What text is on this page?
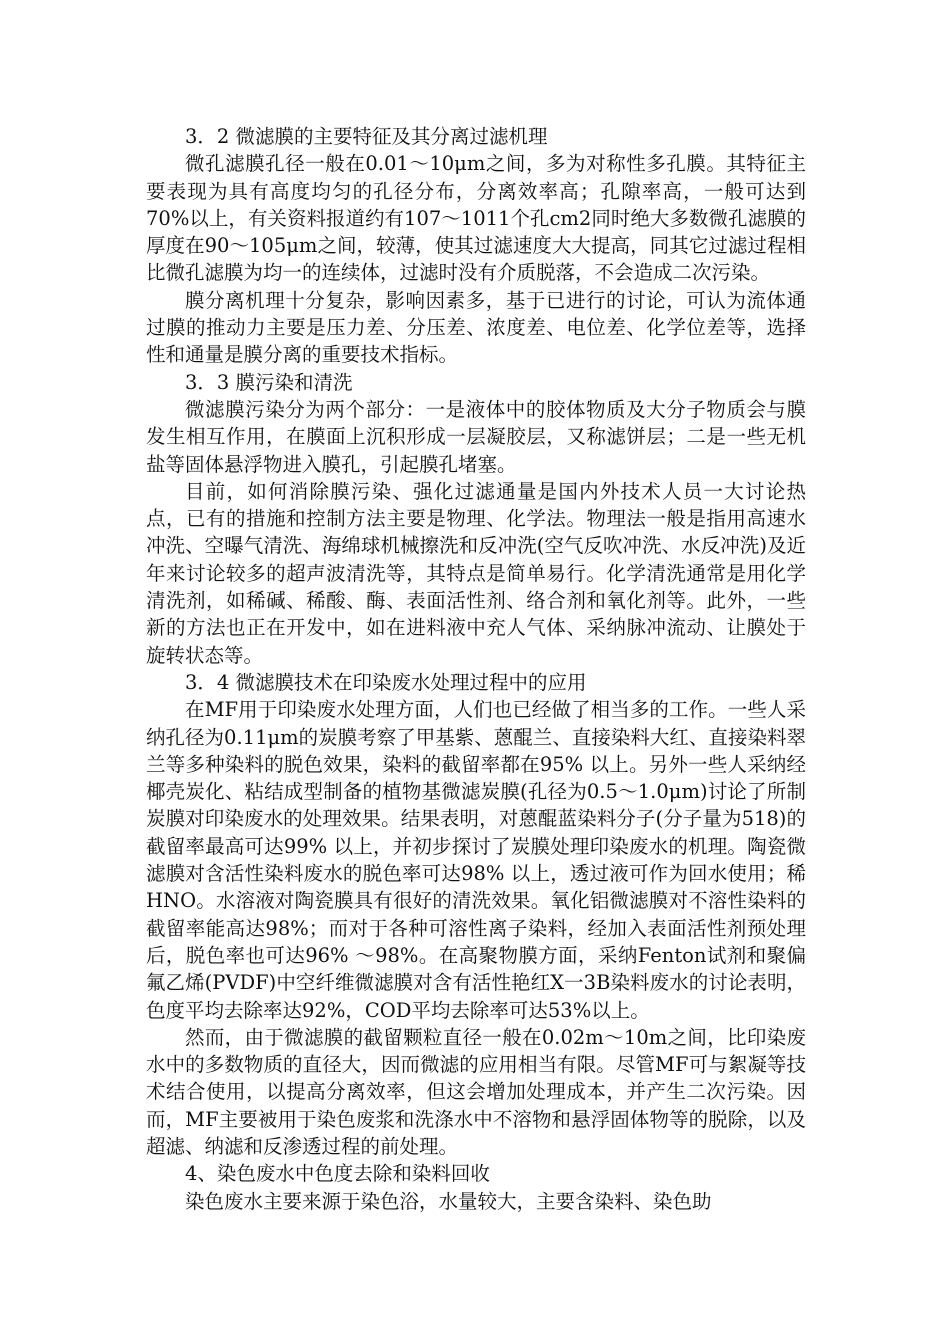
3．2 微滤膜的主要特征及其分离过滤机理

微孔滤膜孔径一般在0.01～10μm之间，多为对称性多孔膜。其特征主要表现为具有高度均匀的孔径分布，分离效率高；孔隙率高，一般可达到70%以上，有关资料报道约有107～1011个孔cm2同时绝大多数微孔滤膜的厚度在90～105μm之间，较薄，使其过滤速度大大提高，同其它过滤过程相比微孔滤膜为均一的连续体，过滤时没有介质脱落，不会造成二次污染。

膜分离机理十分复杂，影响因素多，基于已进行的讨论，可认为流体通过膜的推动力主要是压力差、分压差、浓度差、电位差、化学位差等，选择性和通量是膜分离的重要技术指标。

3．3 膜污染和清洗

微滤膜污染分为两个部分：一是液体中的胶体物质及大分子物质会与膜发生相互作用，在膜面上沉积形成一层凝胶层，又称滤饼层；二是一些无机盐等固体悬浮物进入膜孔，引起膜孔堵塞。

目前，如何消除膜污染、强化过滤通量是国内外技术人员一大讨论热点，已有的措施和控制方法主要是物理、化学法。物理法一般是指用高速水冲洗、空曝气清洗、海绵球机械擦洗和反冲洗(空气反吹冲洗、水反冲洗)及近年来讨论较多的超声波清洗等，其特点是简单易行。化学清洗通常是用化学清洗剂，如稀碱、稀酸、酶、表面活性剂、络合剂和氧化剂等。此外，一些新的方法也正在开发中，如在进料液中充人气体、采纳脉冲流动、让膜处于旋转状态等。

3．4 微滤膜技术在印染废水处理过程中的应用

在MF用于印染废水处理方面，人们也已经做了相当多的工作。一些人采纳孔径为0.11μm的炭膜考察了甲基紫、蒽醌兰、直接染料大红、直接染料翠兰等多种染料的脱色效果，染料的截留率都在95% 以上。另外一些人采纳经椰壳炭化、粘结成型制备的植物基微滤炭膜(孔径为0.5～1.0μm)讨论了所制炭膜对印染废水的处理效果。结果表明，对蒽醌蓝染料分子(分子量为518)的截留率最高可达99% 以上，并初步探讨了炭膜处理印染废水的机理。陶瓷微滤膜对含活性染料废水的脱色率可达98% 以上，透过液可作为回水使用；稀HNO。水溶液对陶瓷膜具有很好的清洗效果。氧化铝微滤膜对不溶性染料的截留率能高达98%；而对于各种可溶性离子染料，经加入表面活性剂预处理后，脱色率也可达96% ～98%。在高聚物膜方面，采纳Fenton试剂和聚偏氟乙烯(PVDF)中空纤维微滤膜对含有活性艳红X一3B染料废水的讨论表明，色度平均去除率达92%，COD平均去除率可达53%以上。

然而，由于微滤膜的截留颗粒直径一般在0.02m～10m之间，比印染废水中的多数物质的直径大，因而微滤的应用相当有限。尽管MF可与絮凝等技术结合使用，以提高分离效率，但这会增加处理成本，并产生二次污染。因而，MF主要被用于染色废浆和洗涤水中不溶物和悬浮固体物等的脱除，以及超滤、纳滤和反渗透过程的前处理。

4、染色废水中色度去除和染料回收

染色废水主要来源于染色浴，水量较大，主要含染料、染色助
